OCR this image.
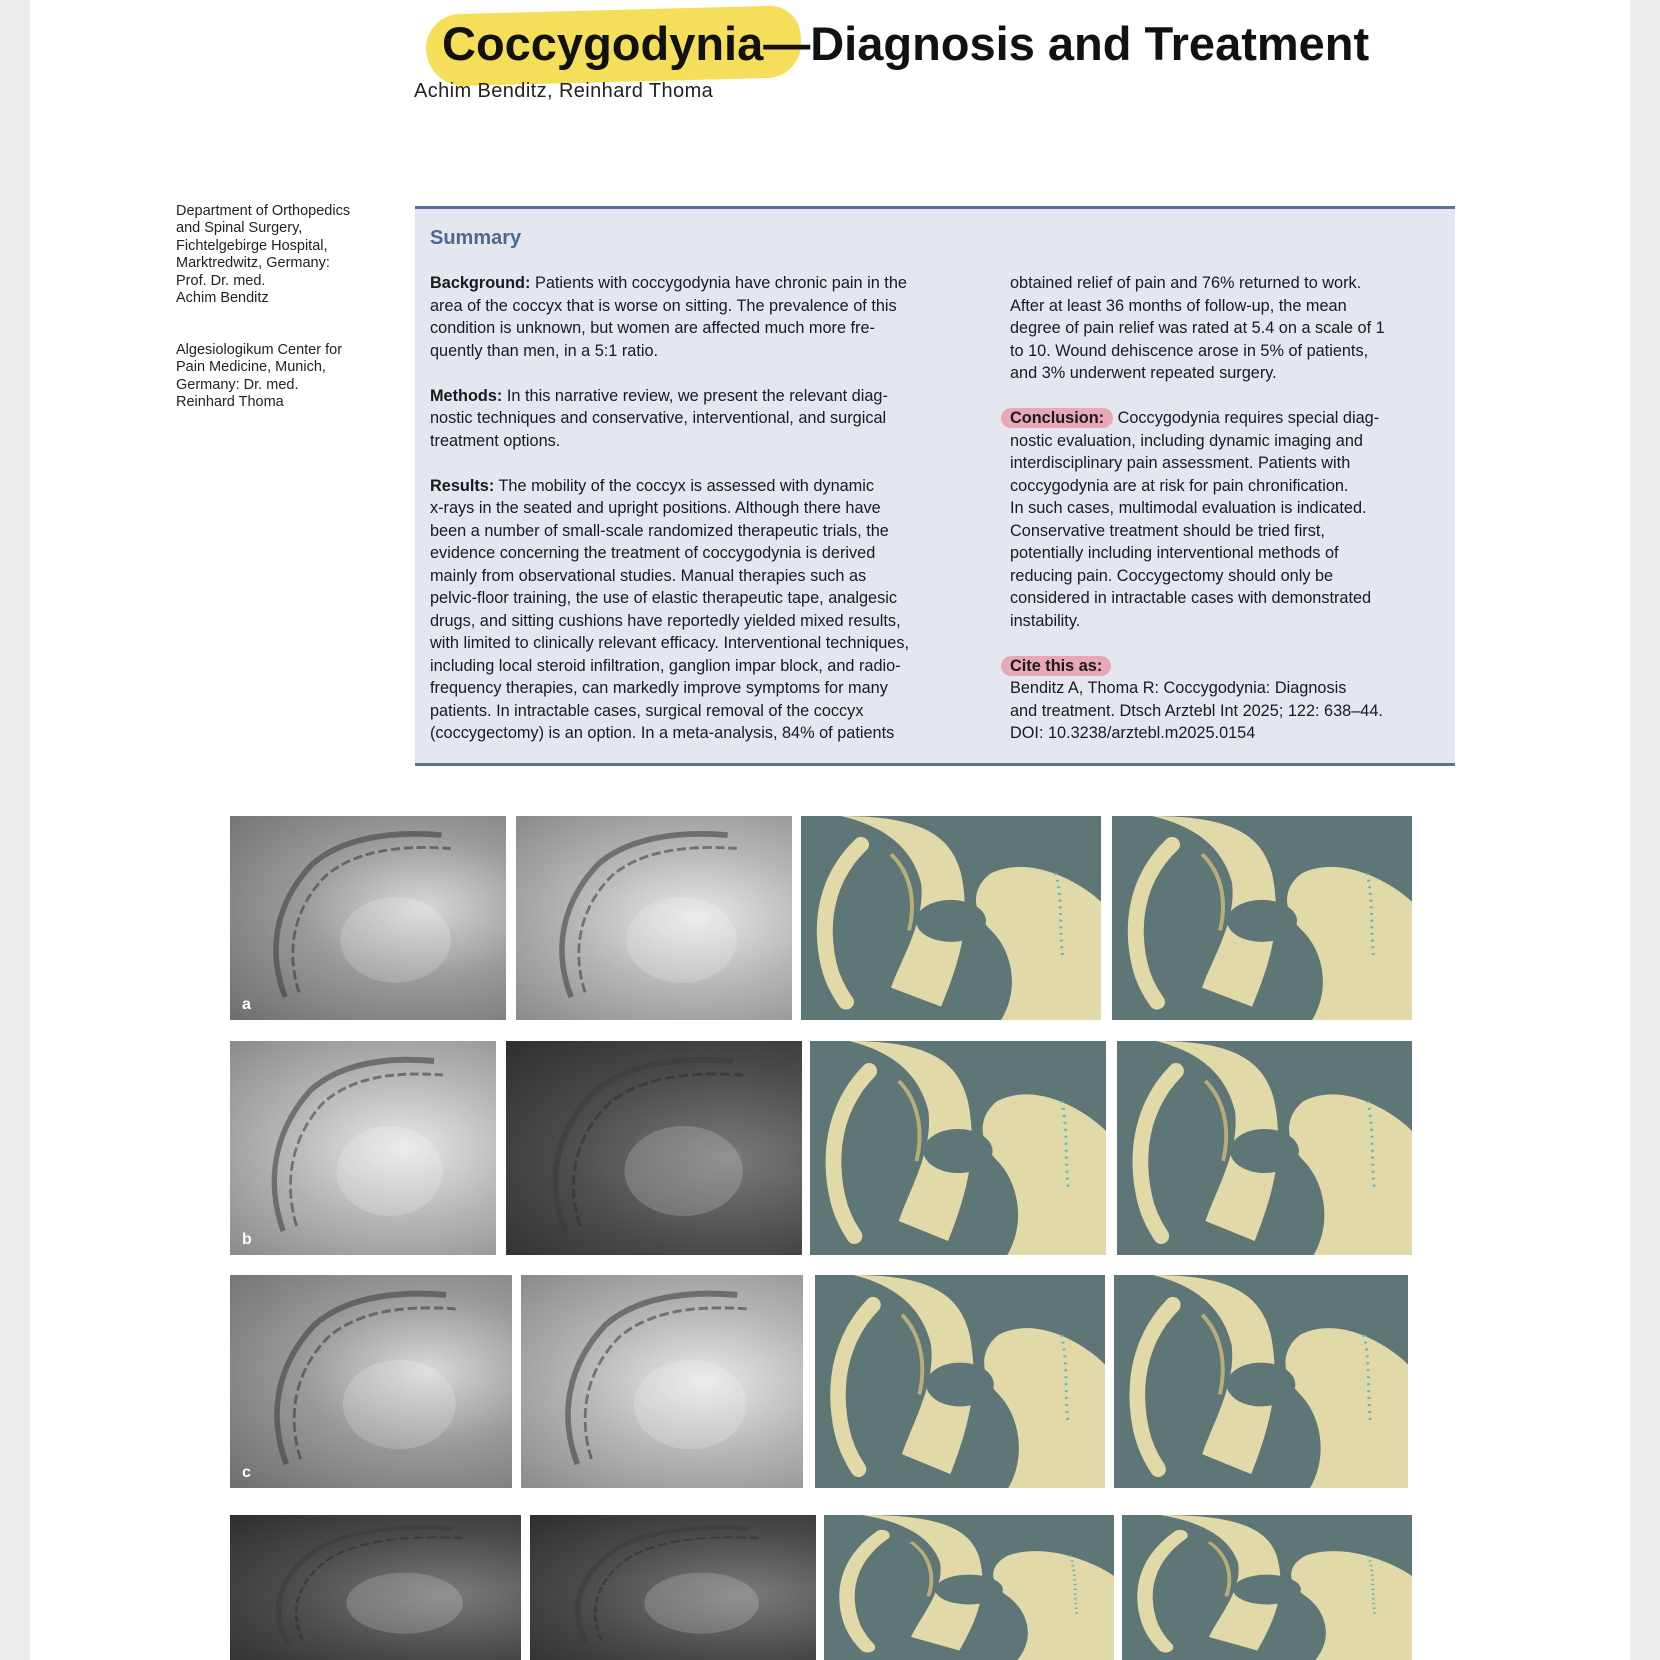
Coccygodynia—Diagnosis and Treatment
Achim Benditz, Reinhard Thoma
Department of Orthopedics
and Spinal Surgery,
Fichtelgebirge Hospital,
Marktredwitz, Germany:
Prof. Dr. med.
Achim Benditz
Algesiologikum Center for
Pain Medicine, Munich,
Germany: Dr. med.
Reinhard Thoma
Summary

Background: Patients with coccygodynia have chronic pain in the
area of the coccyx that is worse on sitting. The prevalence of this
condition is unknown, but women are affected much more fre-
quently than men, in a 5:1 ratio.

Methods: In this narrative review, we present the relevant diag-
nostic techniques and conservative, interventional, and surgical
treatment options.

Results: The mobility of the coccyx is assessed with dynamic
x-rays in the seated and upright positions. Although there have
been a number of small-scale randomized therapeutic trials, the
evidence concerning the treatment of coccygodynia is derived
mainly from observational studies. Manual therapies such as
pelvic-floor training, the use of elastic therapeutic tape, analgesic
drugs, and sitting cushions have reportedly yielded mixed results,
with limited to clinically relevant efficacy. Interventional techniques,
including local steroid infiltration, ganglion impar block, and radio-
frequency therapies, can markedly improve symptoms for many
patients. In intractable cases, surgical removal of the coccyx
(coccygectomy) is an option. In a meta-analysis, 84% of patients

obtained relief of pain and 76% returned to work.
After at least 36 months of follow-up, the mean
degree of pain relief was rated at 5.4 on a scale of 1
to 10. Wound dehiscence arose in 5% of patients,
and 3% underwent repeated surgery.

Conclusion: Coccygodynia requires special diag-
nostic evaluation, including dynamic imaging and
interdisciplinary pain assessment. Patients with
coccygodynia are at risk for pain chronification.
In such cases, multimodal evaluation is indicated.
Conservative treatment should be tried first,
potentially including interventional methods of
reducing pain. Coccygectomy should only be
considered in intractable cases with demonstrated
instability.

Cite this as:
Benditz A, Thoma R: Coccygodynia: Diagnosis
and treatment. Dtsch Arztebl Int 2025; 122: 638–44.
DOI: 10.3238/arztebl.m2025.0154

a
b
c
